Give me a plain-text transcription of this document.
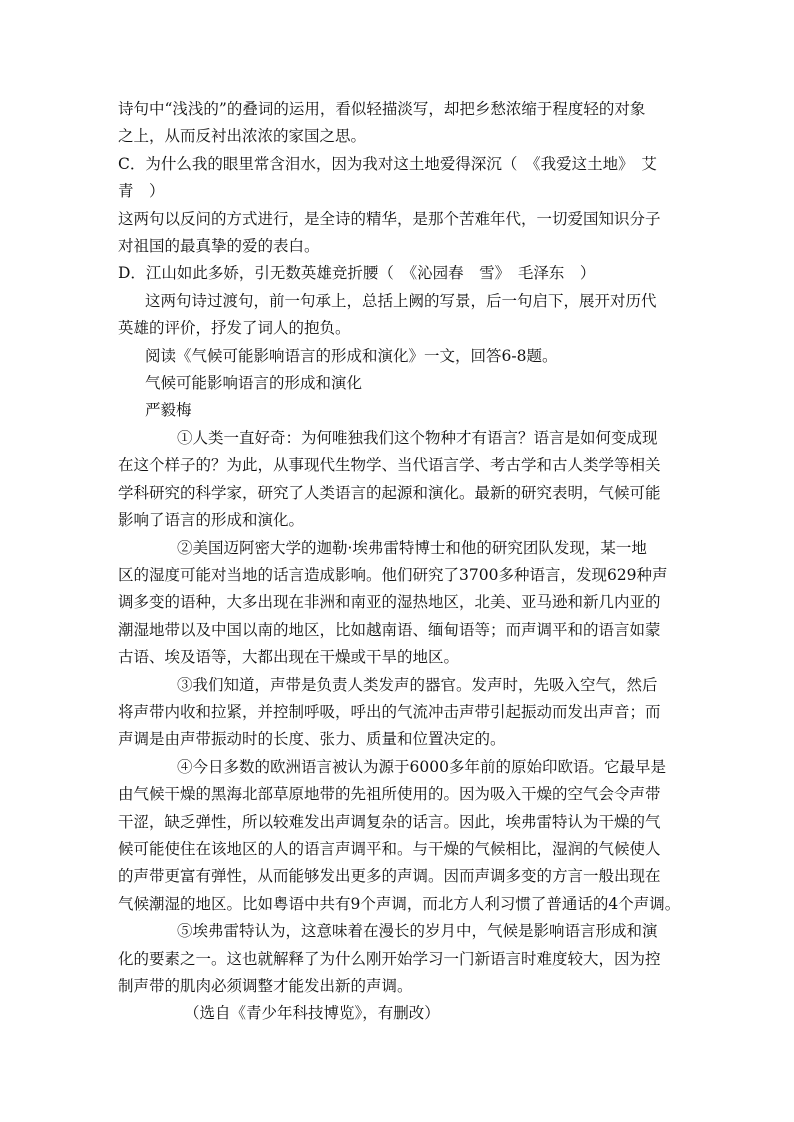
诗句中“浅浅的”的叠词的运用，看似轻描淡写，却把乡愁浓缩于程度轻的对象

之上，从而反衬出浓浓的家国之思。

C．为什么我的眼里常含泪水，因为我对这土地爱得深沉（　《我爱这土地》　艾

青　）

这两句以反问的方式进行，是全诗的精华，是那个苦难年代，一切爱国知识分子

对祖国的最真挚的爱的表白。

D．江山如此多娇，引无数英雄竞折腰（　《沁园春　雪》　毛泽东　）

这两句诗过渡句，前一句承上，总括上阙的写景，后一句启下，展开对历代

英雄的评价，抒发了词人的抱负。

阅读《气候可能影响语言的形成和演化》一文，回答6-8题。

气候可能影响语言的形成和演化

严毅梅

①人类一直好奇：为何唯独我们这个物种才有语言？语言是如何变成现

在这个样子的？为此，从事现代生物学、当代语言学、考古学和古人类学等相关

学科研究的科学家，研究了人类语言的起源和演化。最新的研究表明，气候可能

影响了语言的形成和演化。

②美国迈阿密大学的迦勒·埃弗雷特博士和他的研究团队发现，某一地

区的湿度可能对当地的话言造成影响。他们研究了3700多种语言，发现629种声

调多变的语种，大多出现在非洲和南亚的湿热地区，北美、亚马逊和新几内亚的

潮湿地带以及中国以南的地区，比如越南语、缅甸语等；而声调平和的语言如蒙

古语、埃及语等，大都出现在干燥或干旱的地区。

③我们知道，声带是负责人类发声的器官。发声时，先吸入空气，然后

将声带内收和拉紧，并控制呼吸，呼出的气流冲击声带引起振动而发出声音；而

声调是由声带振动时的长度、张力、质量和位置决定的。

④今日多数的欧洲语言被认为源于6000多年前的原始印欧语。它最早是

由气候干燥的黑海北部草原地带的先祖所使用的。因为吸入干燥的空气会令声带

干涩，缺乏弹性，所以较难发出声调复杂的话言。因此，埃弗雷特认为干燥的气

候可能使住在该地区的人的语言声调平和。与干燥的气候相比，湿润的气候使人

的声带更富有弹性，从而能够发出更多的声调。因而声调多变的方言一般出现在

气候潮湿的地区。比如粤语中共有9个声调，而北方人利习惯了普通话的4个声调。

⑤埃弗雷特认为，这意味着在漫长的岁月中，气候是影响语言形成和演

化的要素之一。这也就解释了为什么刚开始学习一门新语言时难度较大，因为控

制声带的肌肉必须调整才能发出新的声调。

（选自《青少年科技博览》，有删改）
